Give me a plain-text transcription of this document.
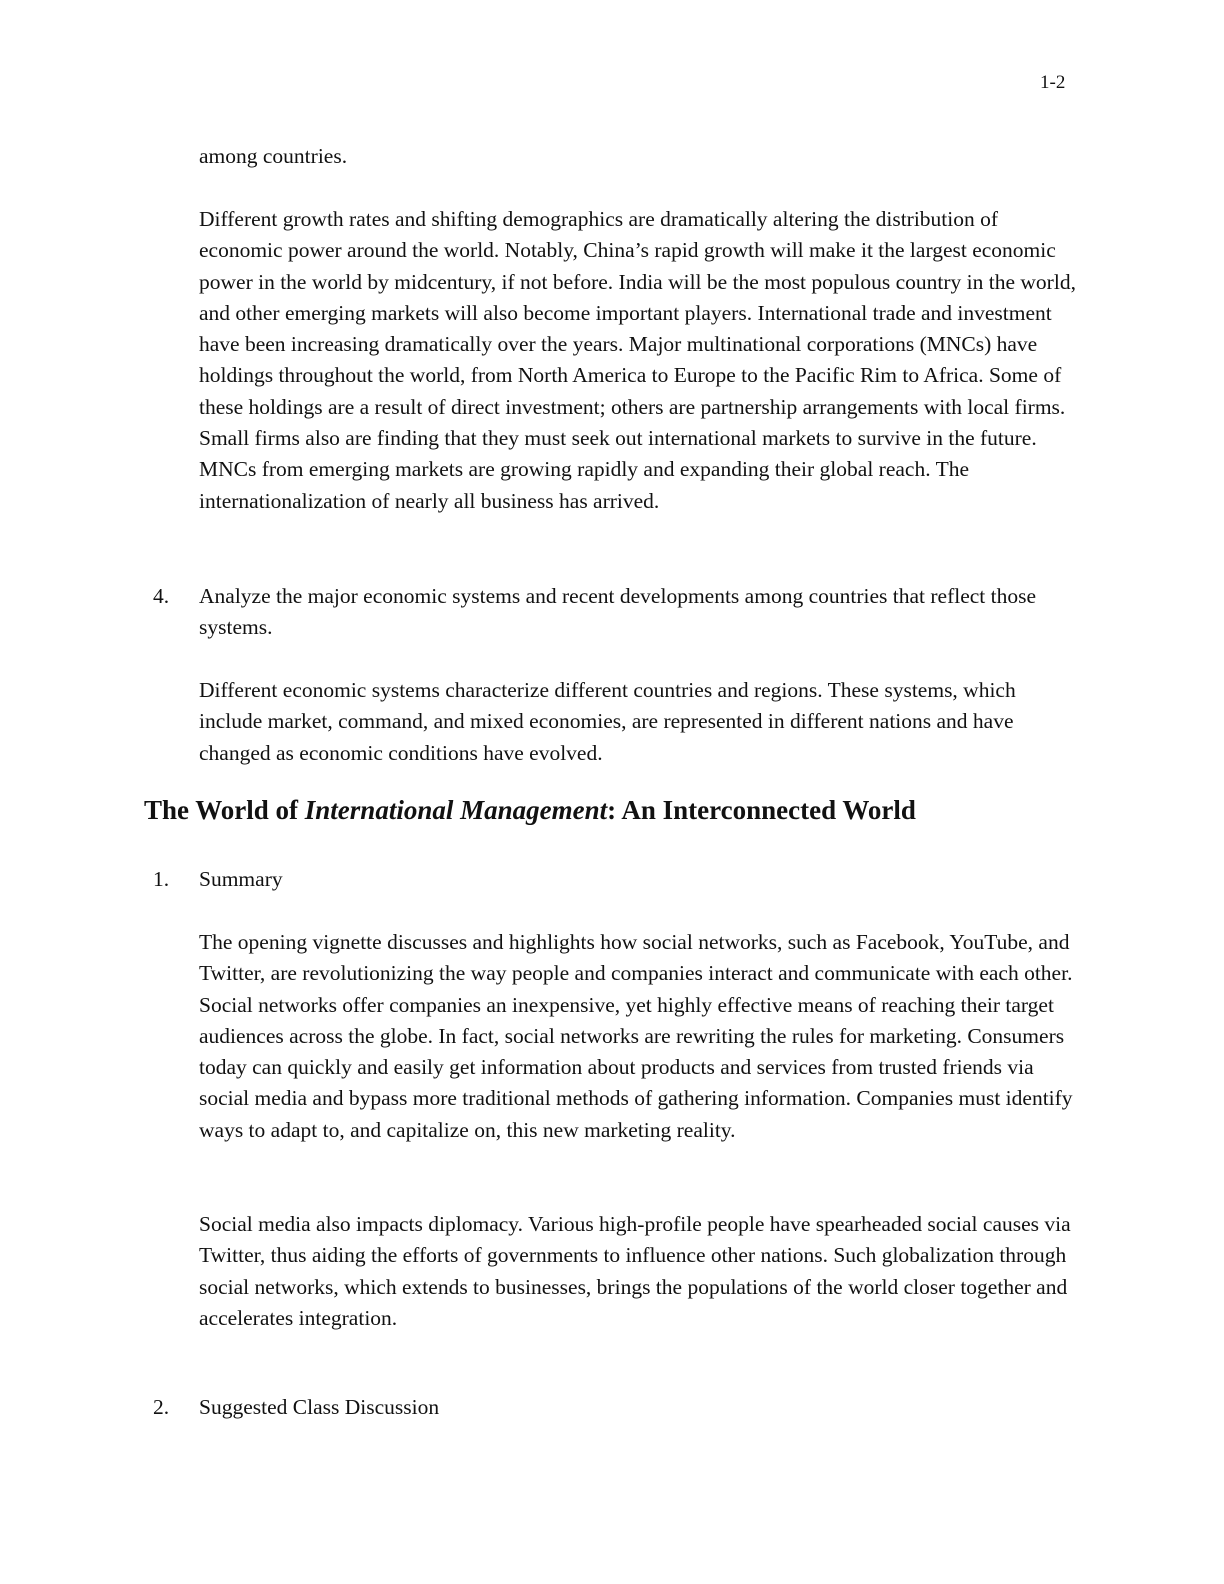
1-2

among countries.

Different growth rates and shifting demographics are dramatically altering the distribution of economic power around the world. Notably, China’s rapid growth will make it the largest economic power in the world by midcentury, if not before. India will be the most populous country in the world, and other emerging markets will also become important players. International trade and investment have been increasing dramatically over the years. Major multinational corporations (MNCs) have holdings throughout the world, from North America to Europe to the Pacific Rim to Africa. Some of these holdings are a result of direct investment; others are partnership arrangements with local firms. Small firms also are finding that they must seek out international markets to survive in the future. MNCs from emerging markets are growing rapidly and expanding their global reach. The internationalization of nearly all business has arrived.

4. Analyze the major economic systems and recent developments among countries that reflect those systems.

Different economic systems characterize different countries and regions. These systems, which include market, command, and mixed economies, are represented in different nations and have changed as economic conditions have evolved.

The World of International Management: An Interconnected World
1. Summary

The opening vignette discusses and highlights how social networks, such as Facebook, YouTube, and Twitter, are revolutionizing the way people and companies interact and communicate with each other. Social networks offer companies an inexpensive, yet highly effective means of reaching their target audiences across the globe. In fact, social networks are rewriting the rules for marketing. Consumers today can quickly and easily get information about products and services from trusted friends via social media and bypass more traditional methods of gathering information. Companies must identify ways to adapt to, and capitalize on, this new marketing reality.

Social media also impacts diplomacy. Various high-profile people have spearheaded social causes via Twitter, thus aiding the efforts of governments to influence other nations. Such globalization through social networks, which extends to businesses, brings the populations of the world closer together and accelerates integration.

2. Suggested Class Discussion
